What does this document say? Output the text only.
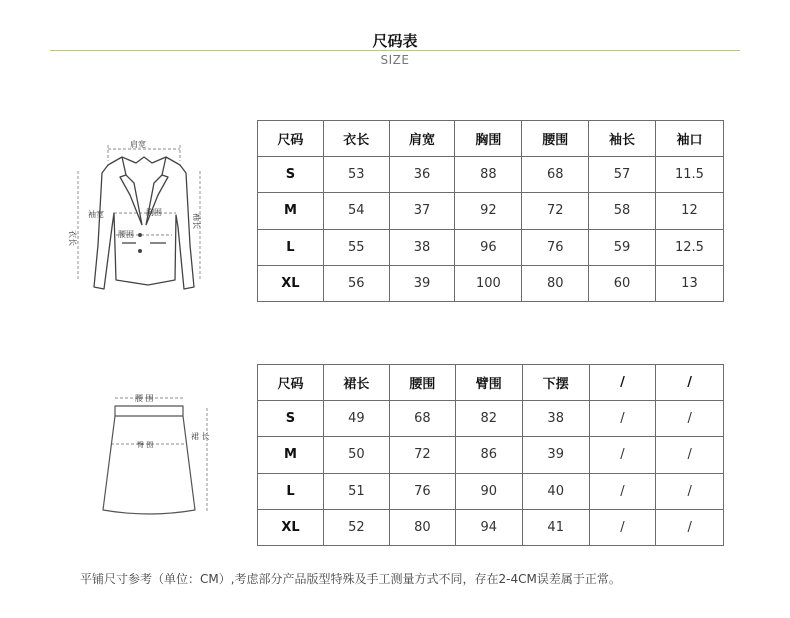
尺码表
SIZE
肩宽
衣长
袖宽	胸围
腰围
袖长
尺码	衣长	肩宽	胸围	腰围	袖长	袖口
S	53	36	88	68	57	11.5
M	54	37	92	72	58	12
L	55	38	96	76	59	12.5
XL	56	39	100	80	60	13
腰 围
臀 围
裙 长
尺码	裙长	腰围	臂围	下摆	/	/
S	49	68	82	38	/	/
M	50	72	86	39	/	/
L	51	76	90	40	/	/
XL	52	80	94	41	/	/
平铺尺寸参考（单位：CM）,考虑部分产品版型特殊及手工测量方式不同，存在2-4CM误差属于正常。
